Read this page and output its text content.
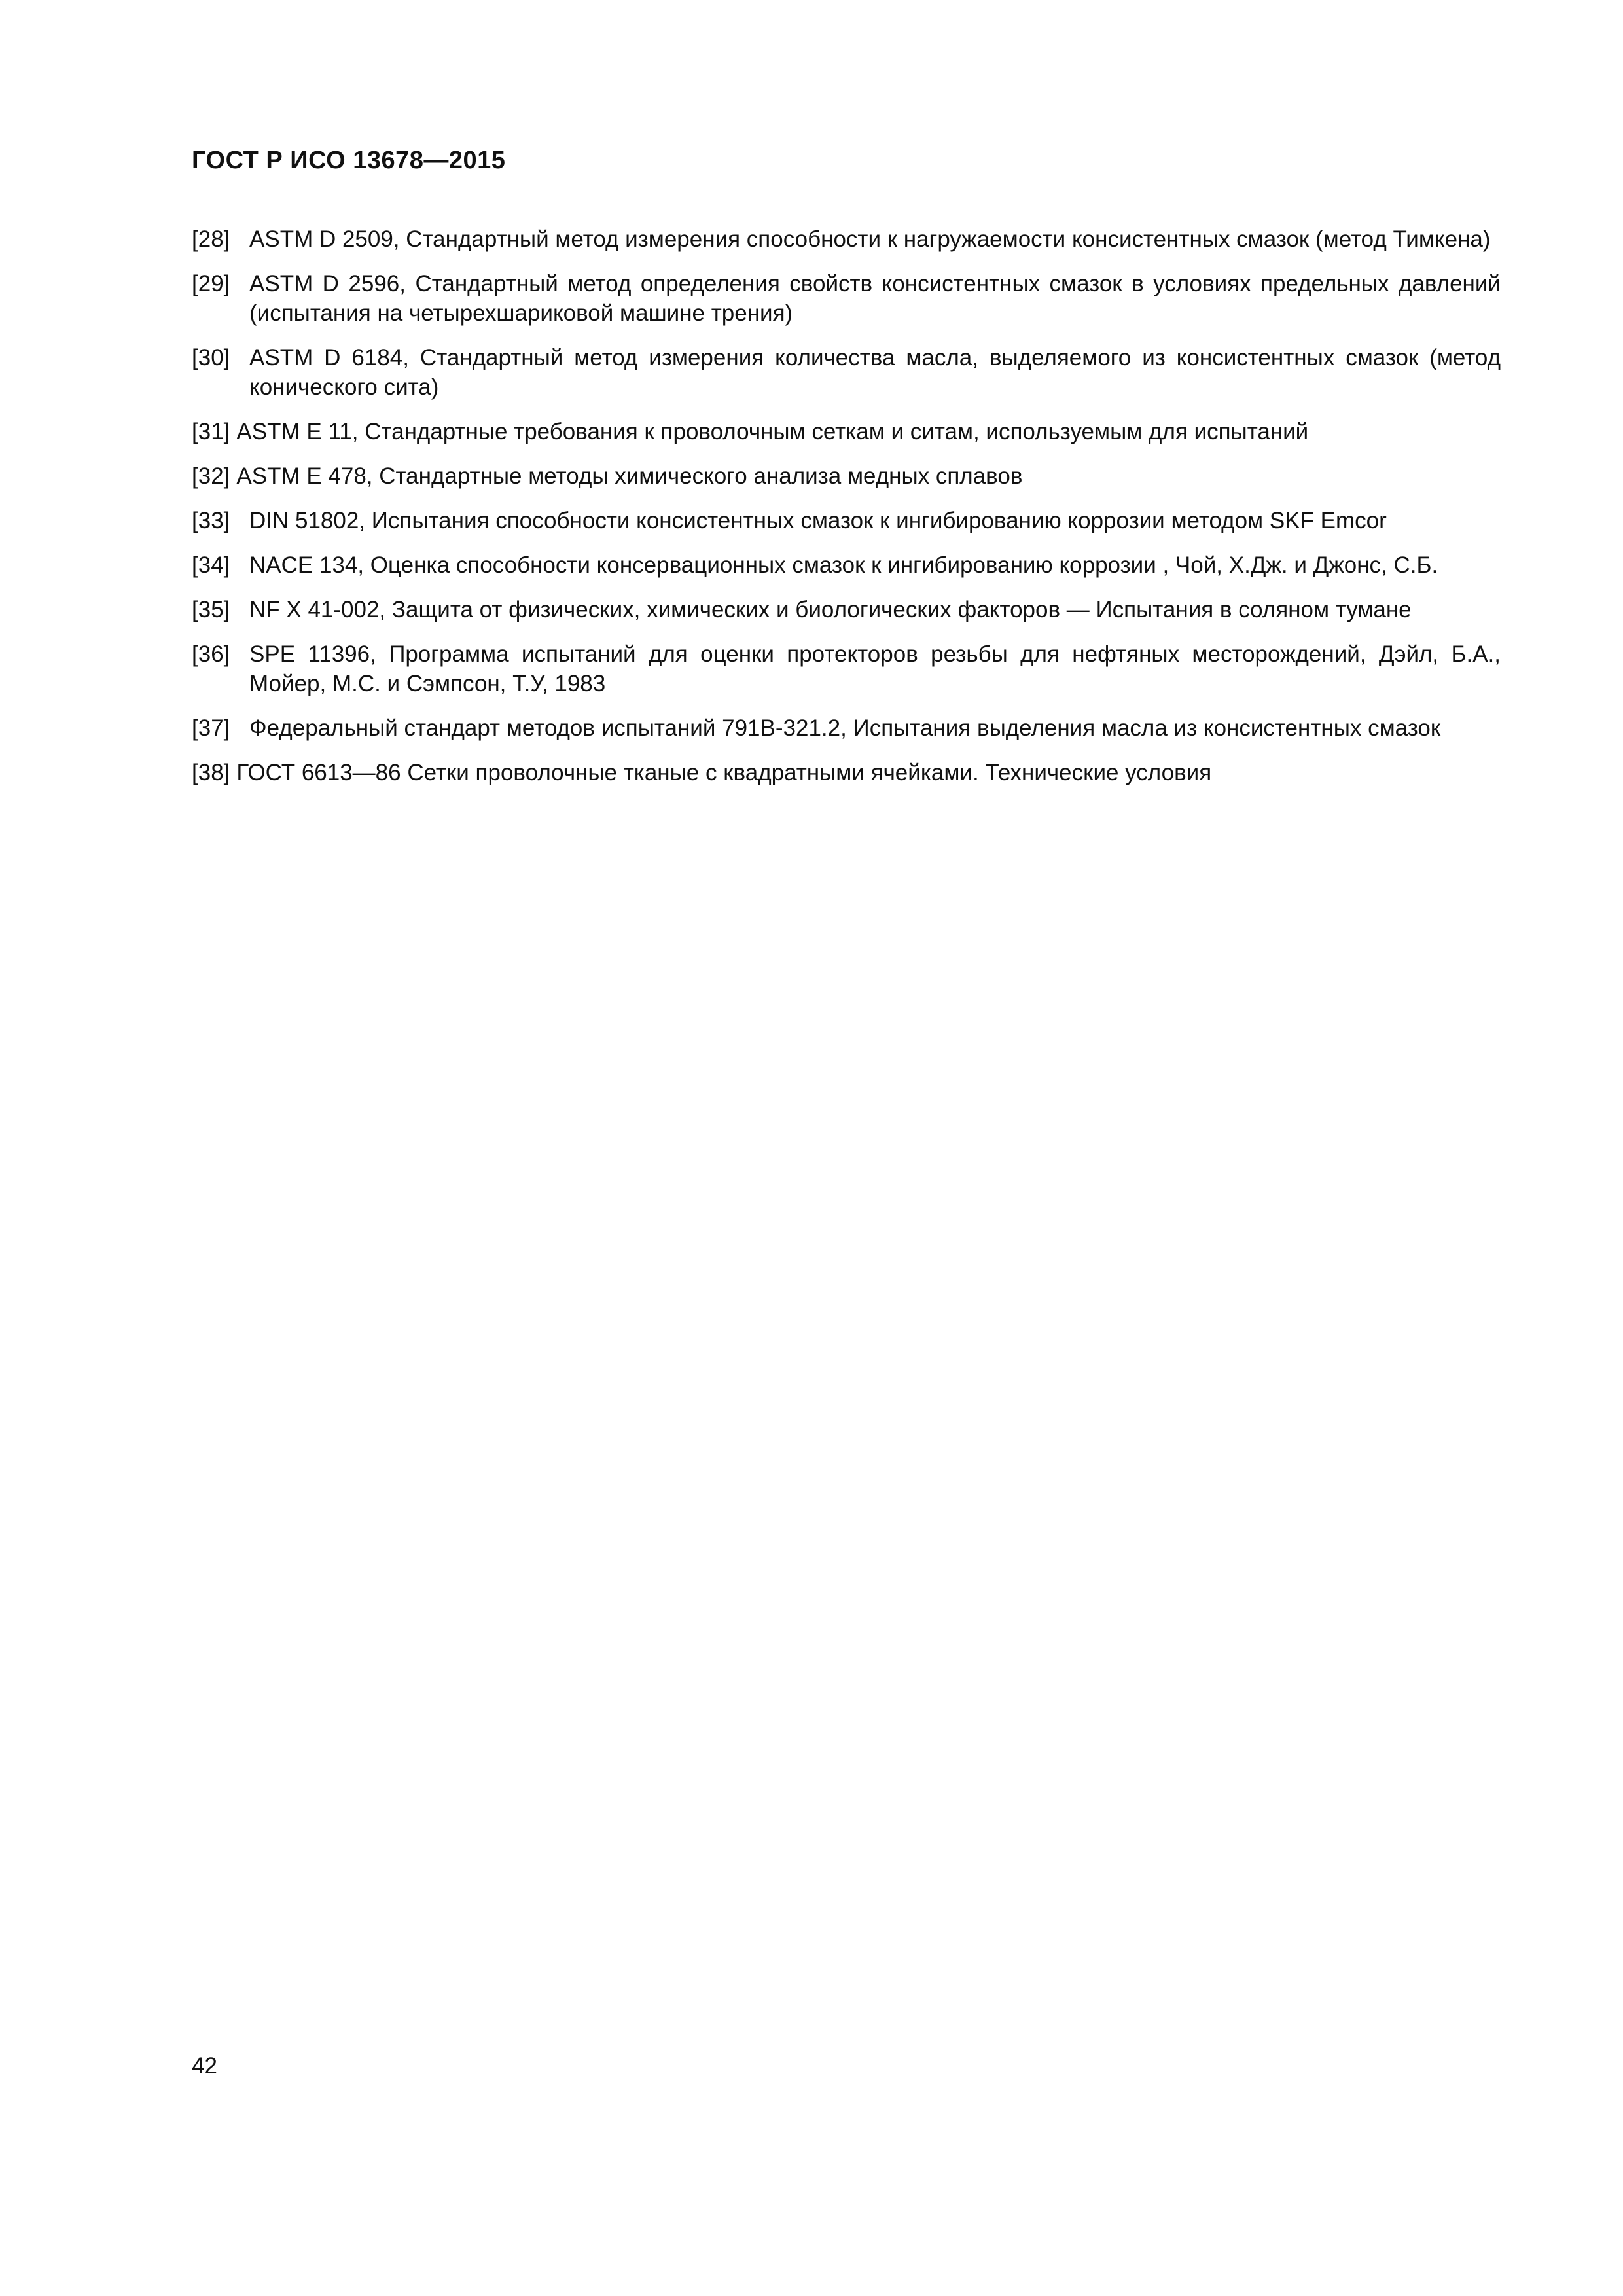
ГОСТ Р ИСО 13678—2015
[28] ASTM D 2509, Стандартный метод измерения способности к нагружаемости консистентных смазок (метод Тимкена)
[29] ASTM D 2596, Стандартный метод определения свойств консистентных смазок в условиях предельных давлений (испытания на четырехшариковой машине трения)
[30] ASTM D 6184, Стандартный метод измерения количества масла, выделяемого из консистентных смазок (метод конического сита)
[31] ASTM E 11, Стандартные требования к проволочным сеткам и ситам, используемым для испытаний
[32] ASTM E 478, Стандартные методы химического анализа медных сплавов
[33] DIN 51802, Испытания способности консистентных смазок к ингибированию коррозии методом SKF Emcor
[34] NACE 134, Оценка способности консервационных смазок к ингибированию коррозии , Чой, Х.Дж. и Джонс, С.Б.
[35] NF X 41-002, Защита от физических, химических и биологических факторов — Испытания в соляном тумане
[36] SPE 11396, Программа испытаний для оценки протекторов резьбы для нефтяных месторождений, Дэйл, Б.А., Мойер, М.С. и Сэмпсон, Т.У, 1983
[37] Федеральный стандарт методов испытаний 791B-321.2, Испытания выделения масла из консистентных смазок
[38] ГОСТ 6613—86 Сетки проволочные тканые с квадратными ячейками. Технические условия
42
